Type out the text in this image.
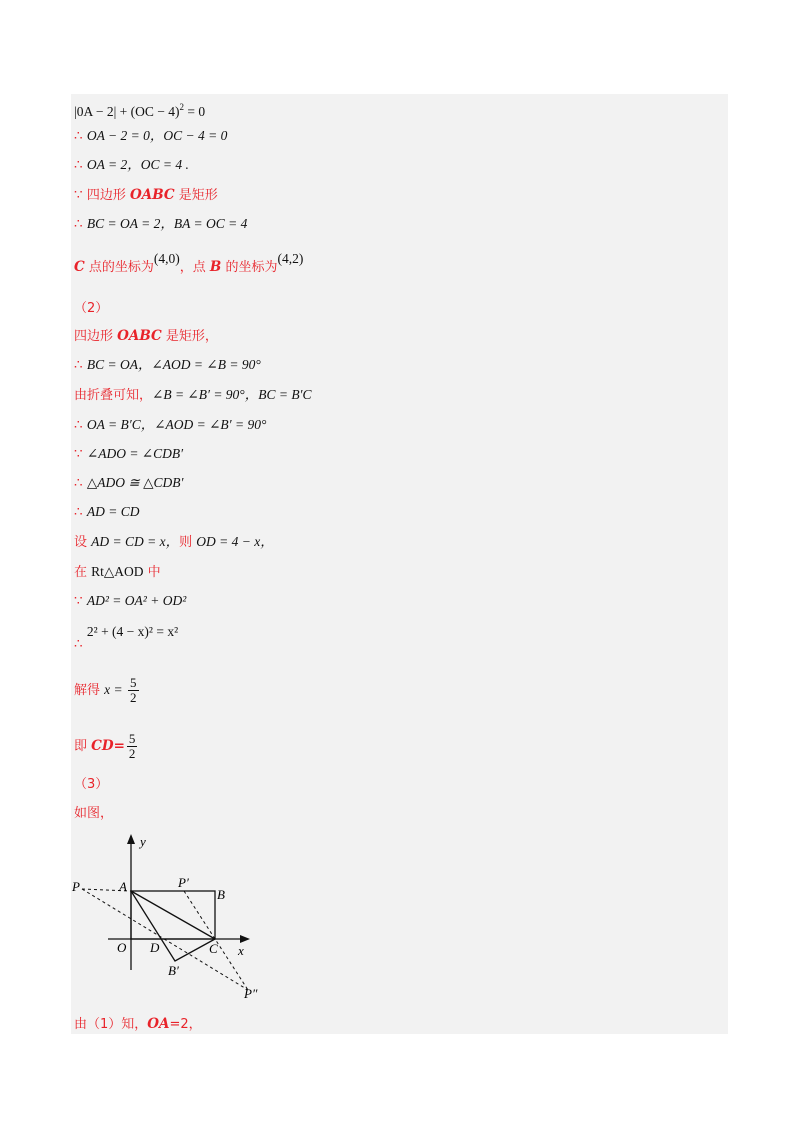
|0A − 2| + (OC − 4)$^2$ = 0
∴ OA − 2 = 0，OC − 4 = 0
∴ OA = 2，OC = 4 .
∵ 四边形 OABC 是矩形
∴ BC = OA = 2，BA = OC = 4
C 点的坐标为(4,0)，点 B 的坐标为(4,2)
（2）
四边形 OABC 是矩形，
∴ BC = OA，∠AOD = ∠B = 90°
由折叠可知，∠B = ∠B′ = 90°，BC = B′C
∴ OA = B′C，∠AOD = ∠B′ = 90°
∵ ∠ADO = ∠CDB′
∴ △ADO ≅ △CDB′
∴ AD = CD
设 AD = CD = x，则 OD = 4 − x，
在 Rt△AOD 中
∵ AD² = OA² + OD²
∴ 2² + (4 − x)² = x²
解得 $x = \frac{5}{2}$
即 $CD= \frac{5}{2}$
（3）
如图，
y
x
P	A	P′
B
O D	C
B′
P″
由（1）知，OA=2，
